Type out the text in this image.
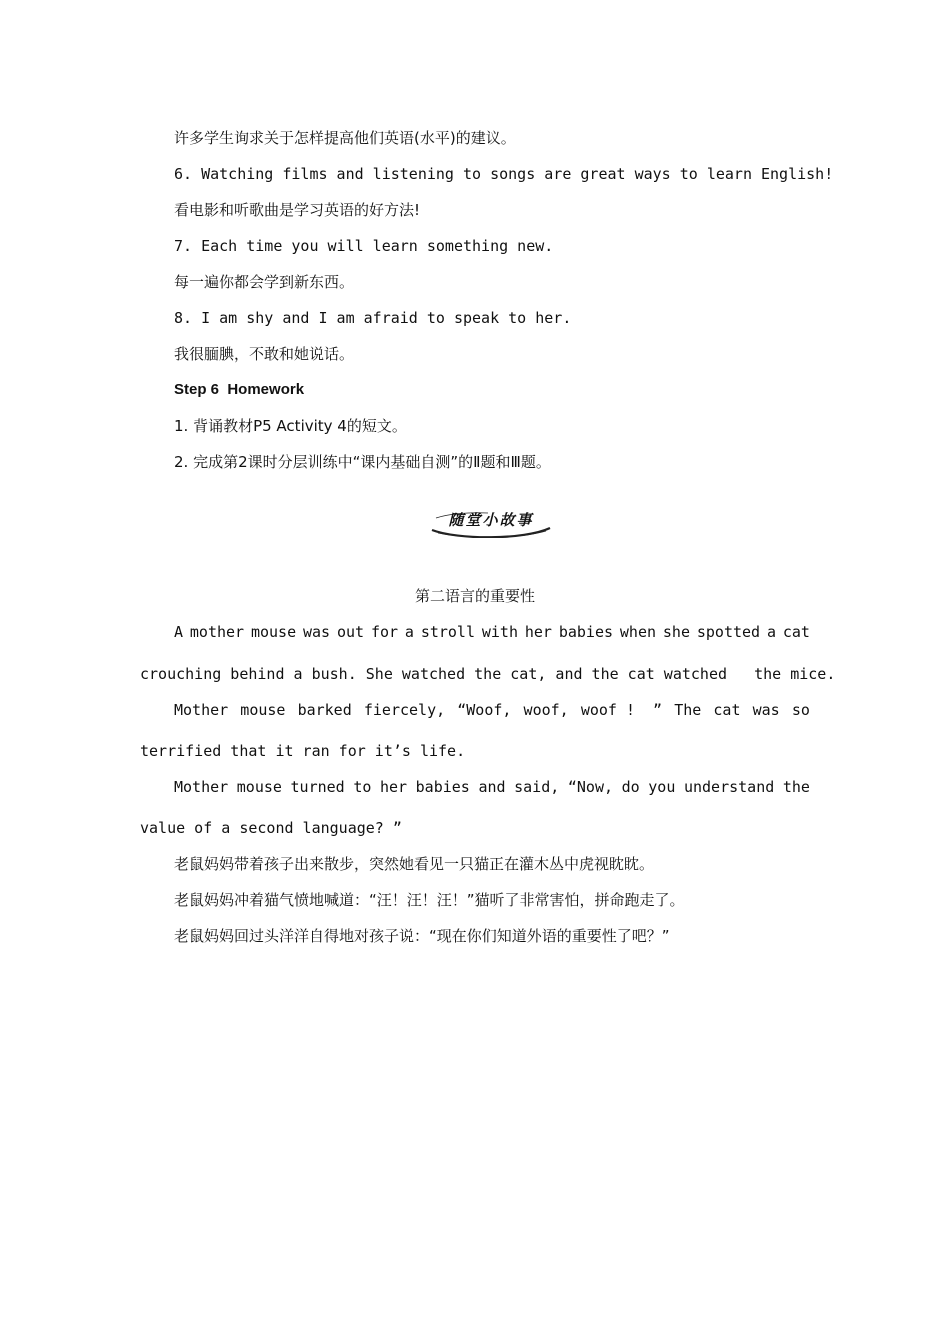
许多学生询求关于怎样提高他们英语(水平)的建议。
6. Watching films and listening to songs are great ways to learn English!
看电影和听歌曲是学习英语的好方法!
7. Each time you will learn something new.
每一遍你都会学到新东西。
8. I am shy and I am afraid to speak to her.
我很腼腆，不敢和她说话。
Step 6  Homework
1. 背诵教材P5 Activity 4的短文。
2. 完成第2课时分层训练中“课内基础自测”的Ⅱ题和Ⅲ题。
随堂小故事
第二语言的重要性
A mother mouse was out for a stroll with her babies when she spotted a cat
crouching behind a bush. She watched the cat, and the cat watched   the mice.
Mother mouse barked fiercely, “Woof, woof, woof !  ” The cat was so
terrified that it ran for it’s life.
Mother mouse turned to her babies and said, “Now, do you understand the
value of a second language? ”
老鼠妈妈带着孩子出来散步，突然她看见一只猫正在灌木丛中虎视眈眈。
老鼠妈妈冲着猫气愤地喊道：“汪！汪！汪！”猫听了非常害怕，拼命跑走了。
老鼠妈妈回过头洋洋自得地对孩子说：“现在你们知道外语的重要性了吧？”
